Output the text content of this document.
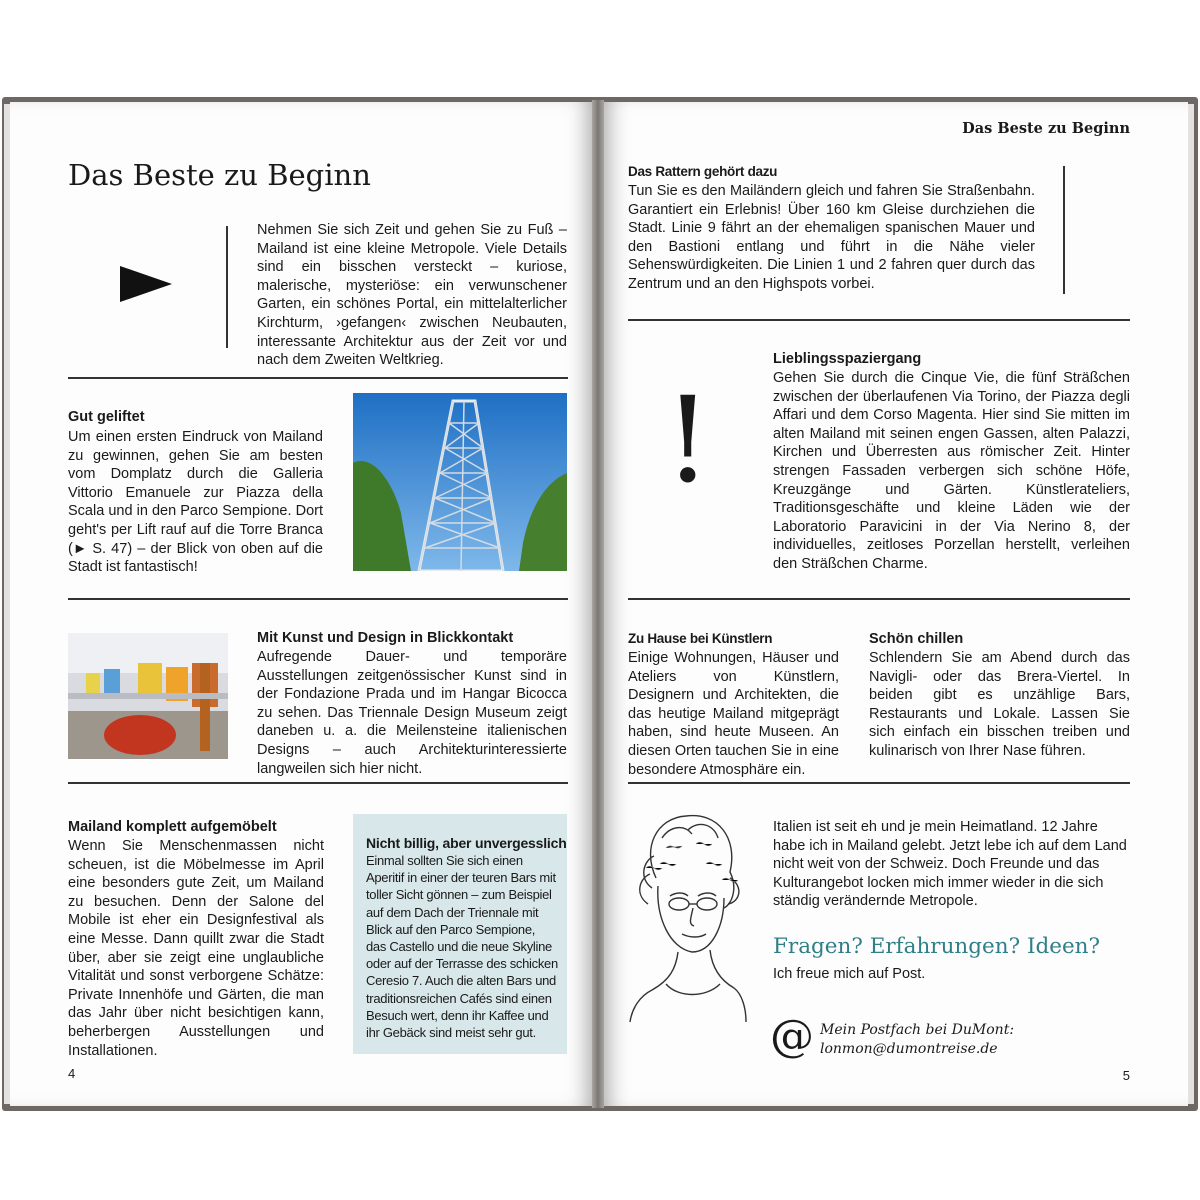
Das Beste zu Beginn
Nehmen Sie sich Zeit und gehen Sie zu Fuß – Mailand ist eine kleine Metropole. Viele Details sind ein bisschen versteckt – kuriose, malerische, mysteriöse: ein verwunschener Garten, ein schönes Portal, ein mittelalterlicher Kirchturm, ›gefangen‹ zwischen Neubauten, interessante Architektur aus der Zeit vor und nach dem Zweiten Weltkrieg.
Gut geliftet
Um einen ersten Eindruck von Mailand zu gewinnen, gehen Sie am besten vom Domplatz durch die Galleria Vittorio Emanuele zur Piazza della Scala und in den Parco Sempione. Dort geht's per Lift rauf auf die Torre Branca (► S. 47) – der Blick von oben auf die Stadt ist fantastisch!
Mit Kunst und Design in Blickkontakt
Aufregende Dauer- und temporäre Ausstellungen zeitgenössischer Kunst sind in der Fondazione Prada und im Hangar Bicocca zu sehen. Das Triennale Design Museum zeigt daneben u. a. die Meilensteine italienischen Designs – auch Architekturinteressierte langweilen sich hier nicht.
Mailand komplett aufgemöbelt
Wenn Sie Menschenmassen nicht scheuen, ist die Möbelmesse im April eine besonders gute Zeit, um Mailand zu besuchen. Denn der Salone del Mobile ist eher ein Designfestival als eine Messe. Dann quillt zwar die Stadt über, aber sie zeigt eine unglaubliche Vitalität und sonst verborgene Schätze: Private Innenhöfe und Gärten, die man das Jahr über nicht besichtigen kann, beherbergen Ausstellungen und Installationen.
Nicht billig, aber unvergesslich
Einmal sollten Sie sich einen Aperitif in einer der teuren Bars mit toller Sicht gönnen – zum Beispiel auf dem Dach der Triennale mit Blick auf den Parco Sempione, das Castello und die neue Skyline oder auf der Terrasse des schicken Ceresio 7. Auch die alten Bars und traditionsreichen Cafés sind einen Besuch wert, denn ihr Kaffee und ihr Gebäck sind meist sehr gut.
4
Das Beste zu Beginn
Das Rattern gehört dazu
Tun Sie es den Mailändern gleich und fahren Sie Straßenbahn. Garantiert ein Erlebnis! Über 160 km Gleise durchziehen die Stadt. Linie 9 fährt an der ehemaligen spanischen Mauer und den Bastioni entlang und führt in die Nähe vieler Sehenswürdigkeiten. Die Linien 1 und 2 fahren quer durch das Zentrum und an den Highspots vorbei.
!
Lieblingsspaziergang
Gehen Sie durch die Cinque Vie, die fünf Sträßchen zwischen der überlaufenen Via Torino, der Piazza degli Affari und dem Corso Magenta. Hier sind Sie mitten im alten Mailand mit seinen engen Gassen, alten Palazzi, Kirchen und Überresten aus römischer Zeit. Hinter strengen Fassaden verbergen sich schöne Höfe, Kreuzgänge und Gärten. Künstlerateliers, Traditionsgeschäfte und kleine Läden wie der Laboratorio Paravicini in der Via Nerino 8, der individuelles, zeitloses Porzellan herstellt, verleihen den Sträßchen Charme.
Zu Hause bei Künstlern
Einige Wohnungen, Häuser und Ateliers von Künstlern, Designern und Architekten, die das heutige Mailand mitgeprägt haben, sind heute Museen. An diesen Orten tauchen Sie in eine besondere Atmosphäre ein.
Schön chillen
Schlendern Sie am Abend durch das Navigli- oder das Brera-Viertel. In beiden gibt es unzählige Bars, Restaurants und Lokale. Lassen Sie sich einfach ein bisschen treiben und kulinarisch von Ihrer Nase führen.
Italien ist seit eh und je mein Heimatland. 12 Jahre habe ich in Mailand gelebt. Jetzt lebe ich auf dem Land nicht weit von der Schweiz. Doch Freunde und das Kulturangebot locken mich immer wieder in die sich ständig verändernde Metropole.
Fragen? Erfahrungen? Ideen?
Ich freue mich auf Post.
@ Mein Postfach bei DuMont:
lonmon@dumontreise.de
5
